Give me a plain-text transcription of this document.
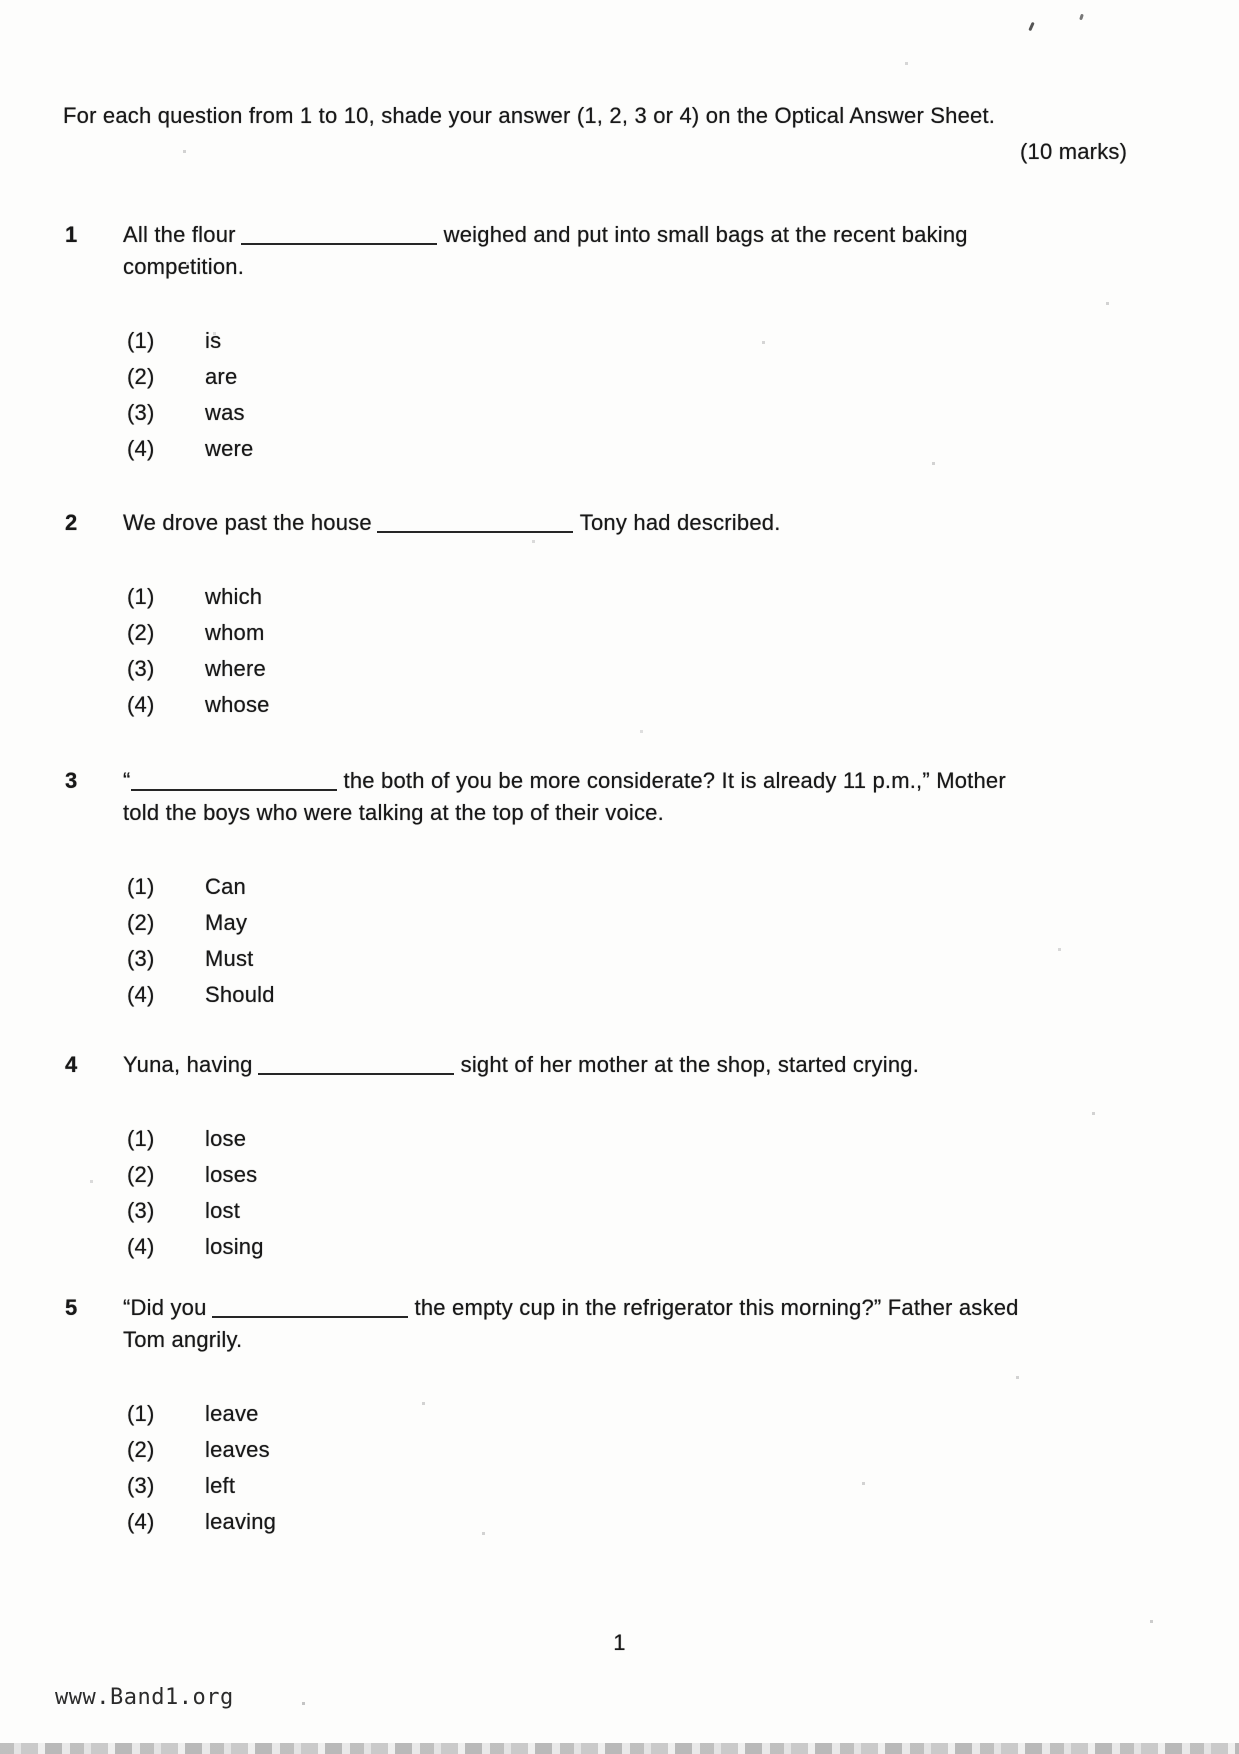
For each question from 1 to 10, shade your answer (1, 2, 3 or 4) on the Optical Answer Sheet.
(10 marks)
1 All the flour	weighed and put into small bags at the recent baking
competition.
(1) is
(2) are
(3) was
(4) were
2 We drove past the house	Tony had described.
(1) which
(2) whom
(3) where
(4) whose
3 “	the both of you be more considerate? It is already 11 p.m.,” Mother
told the boys who were talking at the top of their voice.
(1) Can
(2) May
(3) Must
(4) Should
4 Yuna, having	sight of her mother at the shop, started crying.
(1) lose
(2) loses
(3) lost
(4) losing
5 “Did you	the empty cup in the refrigerator this morning?” Father asked
Tom angrily.
(1) leave
(2) leaves
(3) left
(4) leaving
1
www.Band1.org
